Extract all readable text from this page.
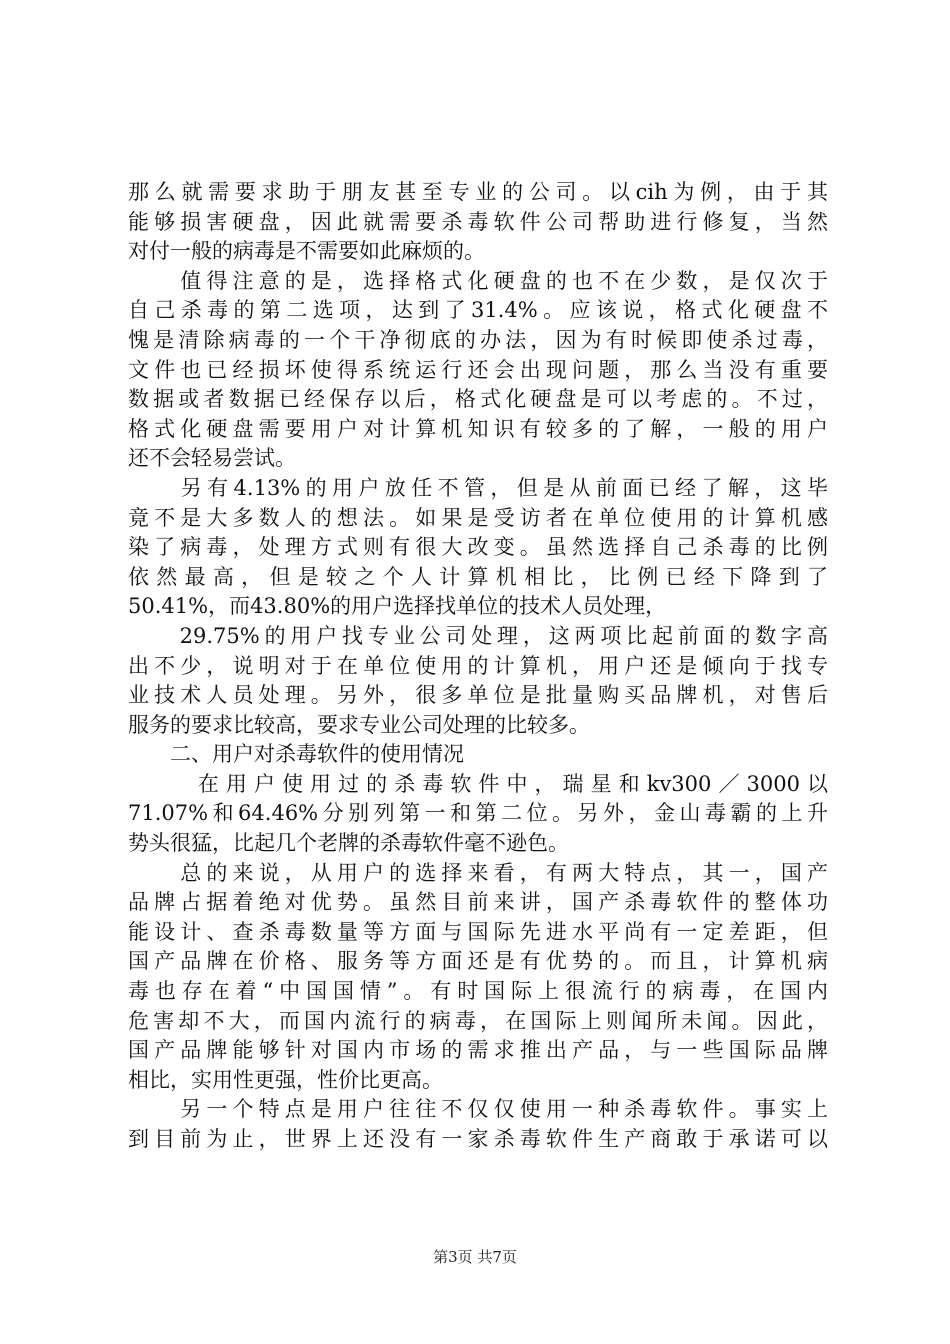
那么就需要求助于朋友甚至专业的公司。以cih为例，由于其
能够损害硬盘，因此就需要杀毒软件公司帮助进行修复，当然
对付一般的病毒是不需要如此麻烦的。
　　值得注意的是，选择格式化硬盘的也不在少数，是仅次于
自己杀毒的第二选项，达到了31.4%。应该说，格式化硬盘不
愧是清除病毒的一个干净彻底的办法，因为有时候即使杀过毒，
文件也已经损坏使得系统运行还会出现问题，那么当没有重要
数据或者数据已经保存以后，格式化硬盘是可以考虑的。不过，
格式化硬盘需要用户对计算机知识有较多的了解，一般的用户
还不会轻易尝试。
　　另有4.13%的用户放任不管，但是从前面已经了解，这毕
竟不是大多数人的想法。如果是受访者在单位使用的计算机感
染了病毒，处理方式则有很大改变。虽然选择自己杀毒的比例
依然最高，但是较之个人计算机相比，比例已经下降到了
50.41%，而43.80%的用户选择找单位的技术人员处理，
　　29.75%的用户找专业公司处理，这两项比起前面的数字高
出不少，说明对于在单位使用的计算机，用户还是倾向于找专
业技术人员处理。另外，很多单位是批量购买品牌机，对售后
服务的要求比较高，要求专业公司处理的比较多。
　　二、用户对杀毒软件的使用情况
　　 在用户使用过的杀毒软件中，瑞星和kv300／3000以
71.07%和64.46%分别列第一和第二位。另外，金山毒霸的上升
势头很猛，比起几个老牌的杀毒软件毫不逊色。
　　总的来说，从用户的选择来看，有两大特点，其一，国产
品牌占据着绝对优势。虽然目前来讲，国产杀毒软件的整体功
能设计、查杀毒数量等方面与国际先进水平尚有一定差距，但
国产品牌在价格、服务等方面还是有优势的。而且，计算机病
毒也存在着“中国国情”。有时国际上很流行的病毒，在国内
危害却不大，而国内流行的病毒，在国际上则闻所未闻。因此，
国产品牌能够针对国内市场的需求推出产品，与一些国际品牌
相比，实用性更强，性价比更高。
　　另一个特点是用户往往不仅仅使用一种杀毒软件。事实上
到目前为止，世界上还没有一家杀毒软件生产商敢于承诺可以
第3页 共7页
